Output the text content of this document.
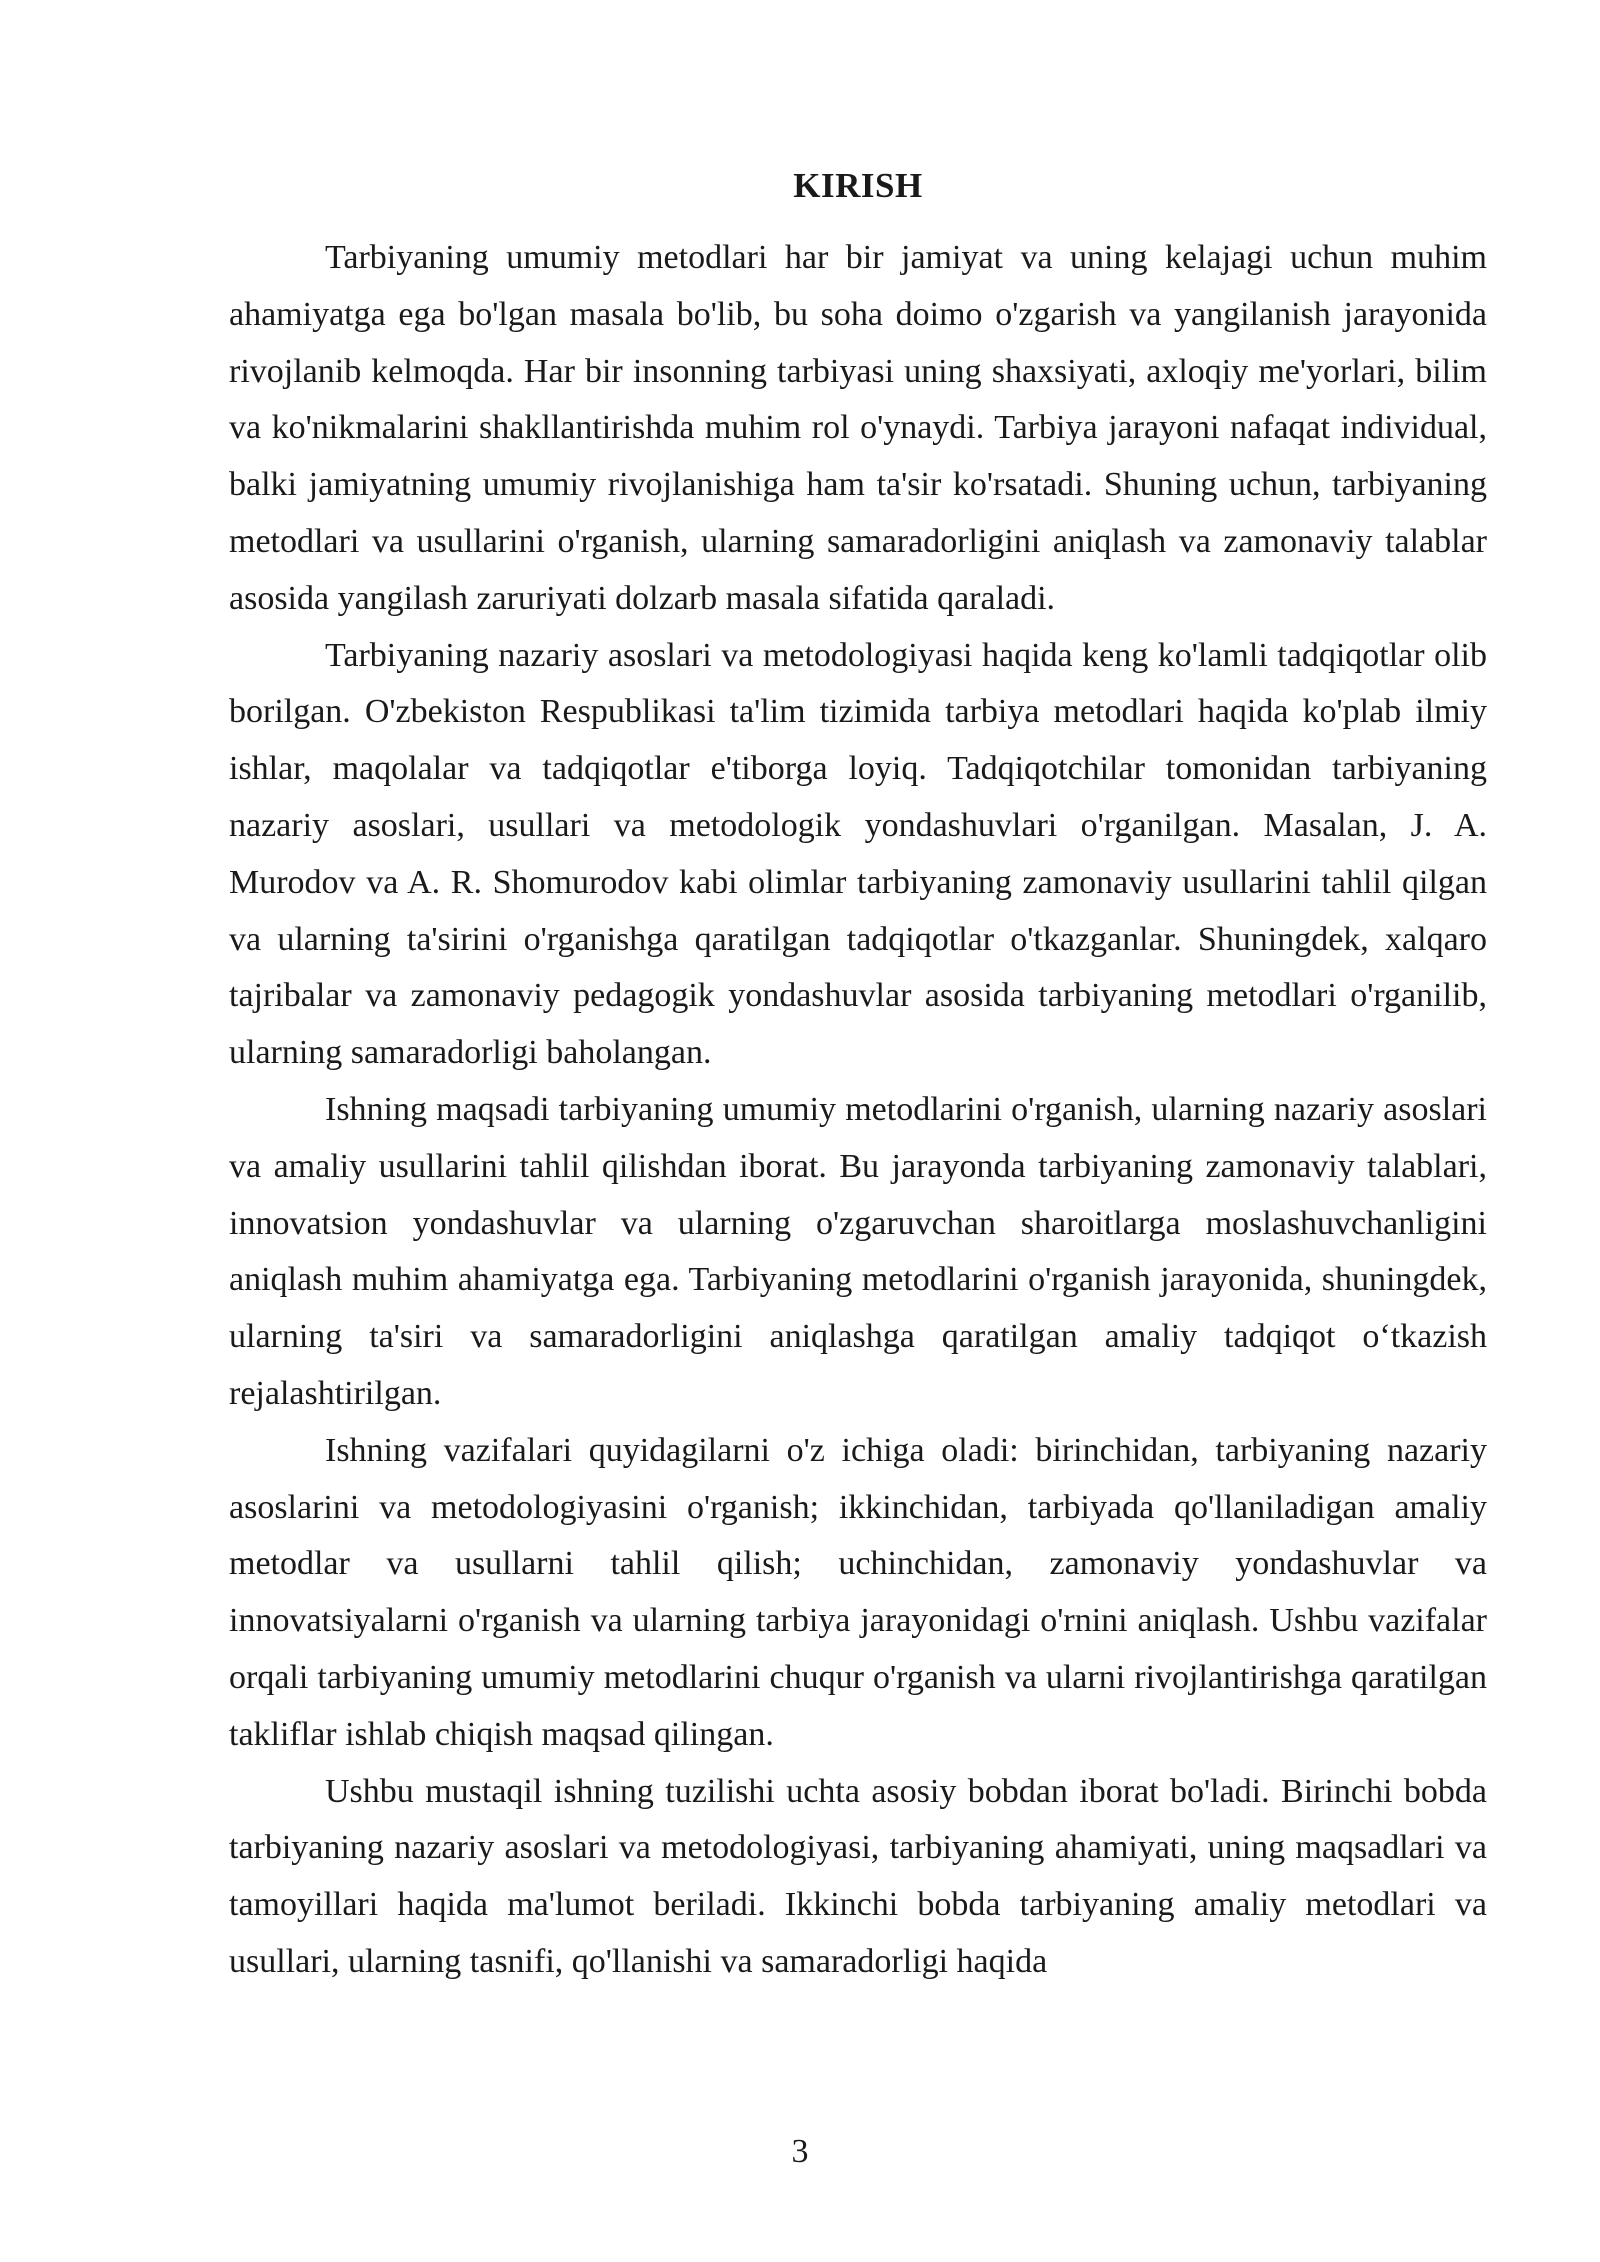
KIRISH

Tarbiyaning umumiy metodlari har bir jamiyat va uning kelajagi uchun muhim ahamiyatga ega bo'lgan masala bo'lib, bu soha doimo o'zgarish va yangilanish jarayonida rivojlanib kelmoqda. Har bir insonning tarbiyasi uning shaxsiyati, axloqiy me'yorlari, bilim va ko'nikmalarini shakllantirishda muhim rol o'ynaydi. Tarbiya jarayoni nafaqat individual, balki jamiyatning umumiy rivojlanishiga ham ta'sir ko'rsatadi. Shuning uchun, tarbiyaning metodlari va usullarini o'rganish, ularning samaradorligini aniqlash va zamonaviy talablar asosida yangilash zaruriyati dolzarb masala sifatida qaraladi.

Tarbiyaning nazariy asoslari va metodologiyasi haqida keng ko'lamli tadqiqotlar olib borilgan. O'zbekiston Respublikasi ta'lim tizimida tarbiya metodlari haqida ko'plab ilmiy ishlar, maqolalar va tadqiqotlar e'tiborga loyiq. Tadqiqotchilar tomonidan tarbiyaning nazariy asoslari, usullari va metodologik yondashuvlari o'rganilgan. Masalan, J. A. Murodov va A. R. Shomurodov kabi olimlar tarbiyaning zamonaviy usullarini tahlil qilgan va ularning ta'sirini o'rganishga qaratilgan tadqiqotlar o'tkazganlar. Shuningdek, xalqaro tajribalar va zamonaviy pedagogik yondashuvlar asosida tarbiyaning metodlari o'rganilib, ularning samaradorligi baholangan.

Ishning maqsadi tarbiyaning umumiy metodlarini o'rganish, ularning nazariy asoslari va amaliy usullarini tahlil qilishdan iborat. Bu jarayonda tarbiyaning zamonaviy talablari, innovatsion yondashuvlar va ularning o'zgaruvchan sharoitlarga moslashuvchanligini aniqlash muhim ahamiyatga ega. Tarbiyaning metodlarini o'rganish jarayonida, shuningdek, ularning ta'siri va samaradorligini aniqlashga qaratilgan amaliy tadqiqot o‘tkazish rejalashtirilgan.

Ishning vazifalari quyidagilarni o'z ichiga oladi: birinchidan, tarbiyaning nazariy asoslarini va metodologiyasini o'rganish; ikkinchidan, tarbiyada qo'llaniladigan amaliy metodlar va usullarni tahlil qilish; uchinchidan, zamonaviy yondashuvlar va innovatsiyalarni o'rganish va ularning tarbiya jarayonidagi o'rnini aniqlash. Ushbu vazifalar orqali tarbiyaning umumiy metodlarini chuqur o'rganish va ularni rivojlantirishga qaratilgan takliflar ishlab chiqish maqsad qilingan.

Ushbu mustaqil ishning tuzilishi uchta asosiy bobdan iborat bo'ladi. Birinchi bobda tarbiyaning nazariy asoslari va metodologiyasi, tarbiyaning ahamiyati, uning maqsadlari va tamoyillari haqida ma'lumot beriladi. Ikkinchi bobda tarbiyaning amaliy metodlari va usullari, ularning tasnifi, qo'llanishi va samaradorligi haqida

3
